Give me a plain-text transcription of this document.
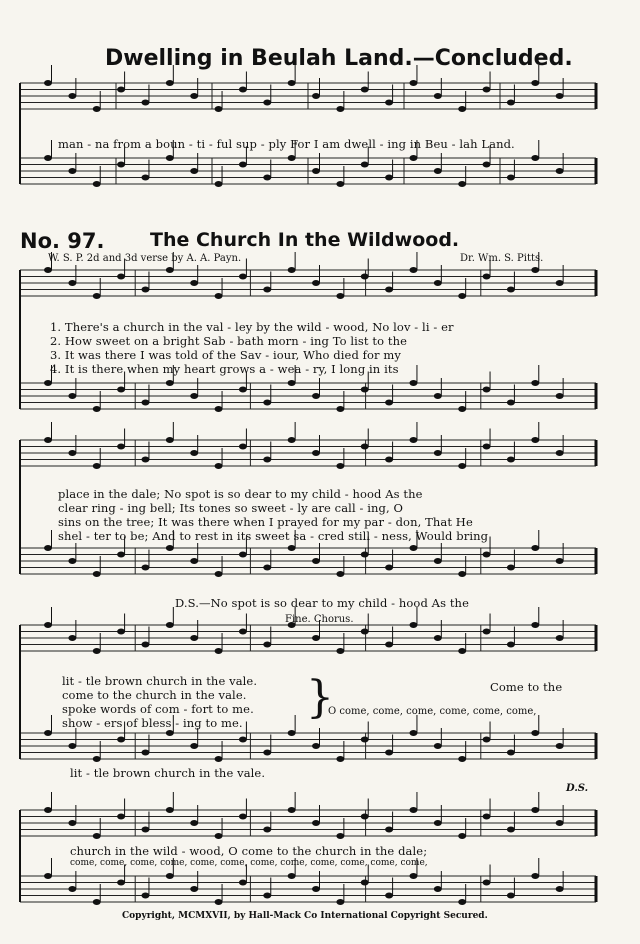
Dwelling in Beulah Land.—Concluded.
man - na from a boun - ti - ful sup - ply For I am dwell - ing in Beu - lah Land.
No. 97. The Church In the Wildwood.
W. S. P. 2d and 3d verse by A. A. Payn.	Dr. Wm. S. Pitts.
1. There's a church in the val - ley by the wild - wood, No lov - li - er
2. How sweet on a bright Sab - bath morn - ing To list to the
3. It was there I was told of the Sav - iour, Who died for my
4. It is there when my heart grows a - wea - ry, I long in its
place in the dale; No spot is so dear to my child - hood As the
clear ring - ing bell; Its tones so sweet - ly are call - ing, O
sins on the tree; It was there when I prayed for my par - don, That He
shel - ter to be; And to rest in its sweet sa - cred still - ness, Would bring
D.S.—No spot is so dear to my child - hood As the
Fine. Chorus.
lit - tle brown church in the vale.
come to the church in the vale.
spoke words of com - fort to me.
show - ers of bless - ing to me. }	Come to the
O come, come, come, come, come, come,
lit - tle brown church in the vale.
D.S.
church in the wild - wood, O come to the church in the dale;
come, come, come, come, come, come, come, come, come, come, come, come,
Copyright, MCMXVII, by Hall-Mack Co International Copyright Secured.
